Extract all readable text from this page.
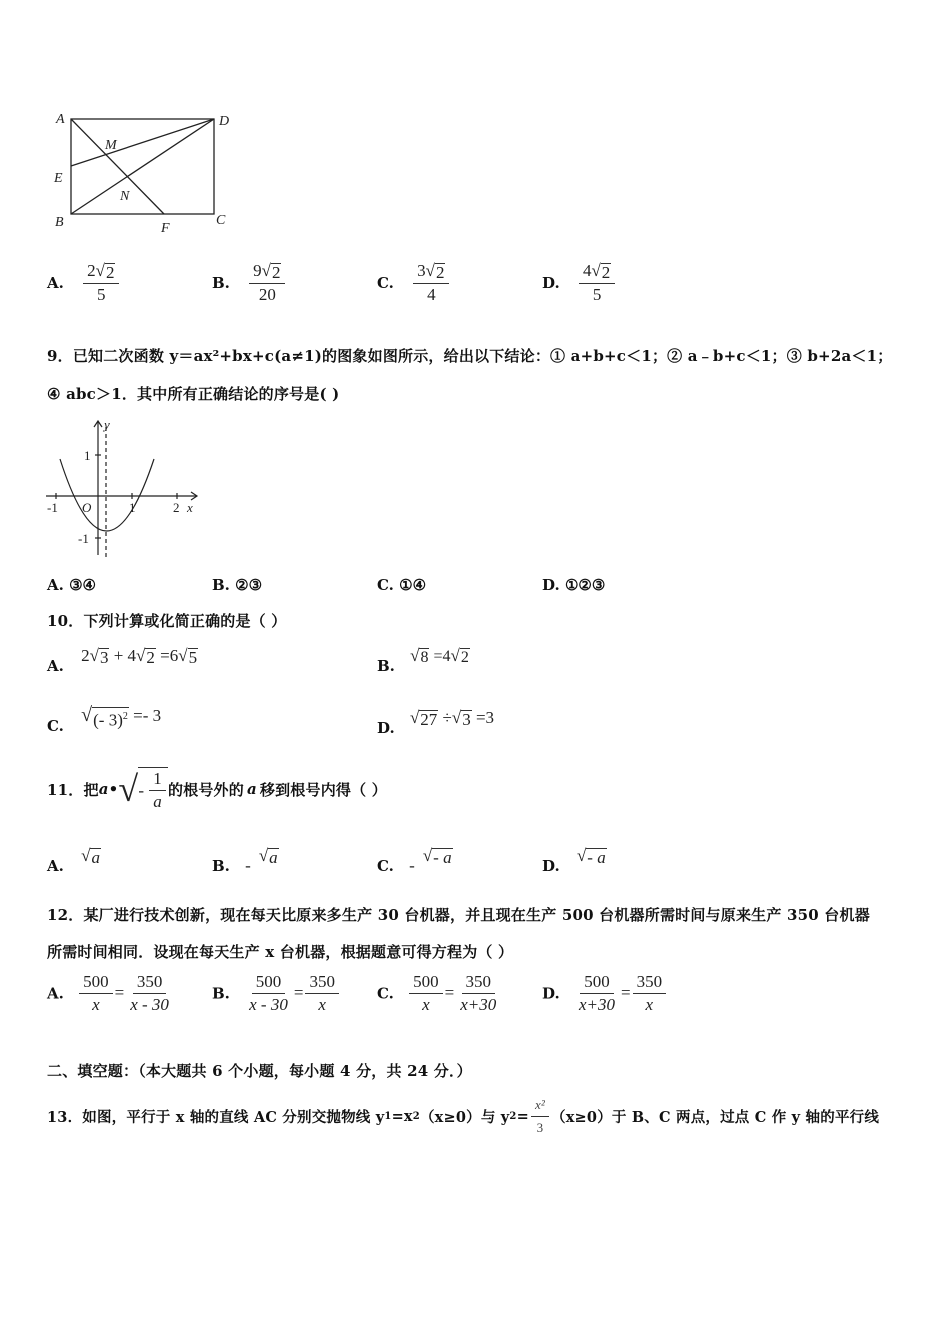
A	D
M
E
N
B	F
C
A. $\frac{2 √ 2}{5}$	B. $\frac{9 √ 2}{20}$	C. $\frac{3 √ 2}{4}$	D. $\frac{4 √ 2}{5}$
9．已知二次函数 y＝ax²+bx+c(a≠1)的图象如图所示，给出以下结论：① a+b+c＜1；② a﹣b+c＜1；③ b+2a＜1；
④ abc＞1．其中所有正确结论的序号是( )
y
x
1
-1
-1 O	1	2
A. ③④	B. ②③	C. ①④	D. ①②③
10．下列计算或化简正确的是（ ）
A. 2 √ 3 + 4 √ 2 =6 √ 5	B.
√ 8 =4 √ 2
C. √ (- 3)$^2$ =- 3
D.
√ 27 ÷ √ 3 =3
11．把 a • √ - $\frac{1}{a}$ 的根号外的 a 移到根号内得（ ）
A.
√ a	B. -
√ a	C. -
√ - a	D.
√ - a
12．某厂进行技术创新，现在每天比原来多生产 30 台机器，并且现在生产 500 台机器所需时间与原来生产 350 台机器
所需时间相同．设现在每天生产 x 台机器，根据题意可得方程为（ ）
A. $\frac{500}{x} = \frac{350}{x - 30}$	B. $\frac{500}{x - 30} = \frac{350}{x}$	C. $\frac{500}{x} = \frac{350}{x+30}$	D. $\frac{500}{x+30} = \frac{350}{x}$
二、填空题：（本大题共 6 个小题，每小题 4 分，共 24 分．）
13．如图，平行于 x 轴的直线 AC 分别交抛物线 y 1 =x 2 （x≥0）与 y $2 = \frac{\text{x²}}{3} (x\ge 0)$于 B、C 两点，过点 C 作 y 轴的平行线
